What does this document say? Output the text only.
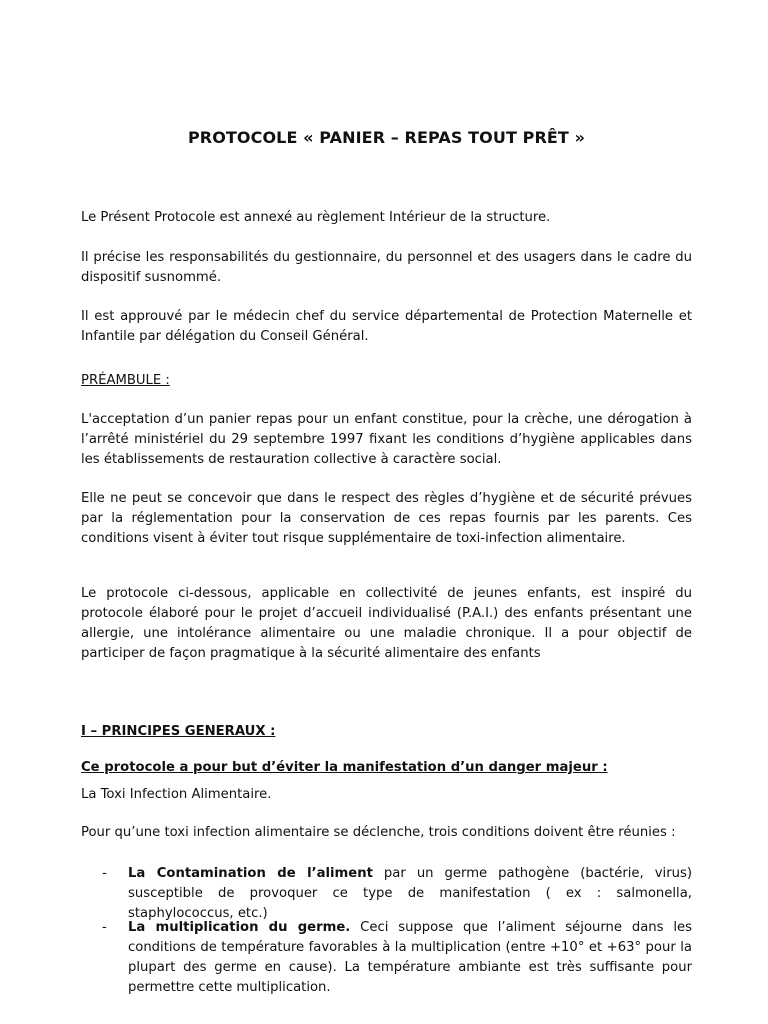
PROTOCOLE « PANIER – REPAS TOUT PRÊT »

Le Présent Protocole est annexé au règlement Intérieur de la structure.

Il précise les responsabilités du gestionnaire, du personnel et des usagers dans le cadre du dispositif susnommé.

Il est approuvé par le médecin chef du service départemental de Protection Maternelle et Infantile par délégation du Conseil Général.

PRÉAMBULE :

L'acceptation d’un panier repas pour un enfant constitue, pour la crèche, une dérogation à l’arrêté ministériel du 29 septembre 1997 fixant les conditions d’hygiène applicables dans les établissements de restauration collective à caractère social.

Elle ne peut se concevoir que dans le respect des règles d’hygiène et de sécurité prévues par la réglementation pour la conservation de ces repas fournis par les parents. Ces conditions visent à éviter tout risque supplémentaire de toxi-infection alimentaire.

Le protocole ci-dessous, applicable en collectivité de jeunes enfants, est inspiré du protocole élaboré pour le projet d’accueil individualisé (P.A.I.) des enfants présentant une allergie, une intolérance alimentaire ou une maladie chronique. Il a pour objectif de participer de façon pragmatique à la sécurité alimentaire des enfants

I – PRINCIPES GENERAUX :

Ce protocole a pour but d’éviter la manifestation d’un danger majeur :

La Toxi Infection Alimentaire.

Pour qu’une toxi infection alimentaire se déclenche, trois conditions doivent être réunies :

- La Contamination de l’aliment par un germe pathogène (bactérie, virus) susceptible de provoquer ce type de manifestation ( ex : salmonella, staphylococcus, etc.)

- La multiplication du germe. Ceci suppose que l’aliment séjourne dans les conditions de température favorables à la multiplication (entre +10° et +63° pour la plupart des germe en cause). La température ambiante est très suffisante pour permettre cette multiplication.
